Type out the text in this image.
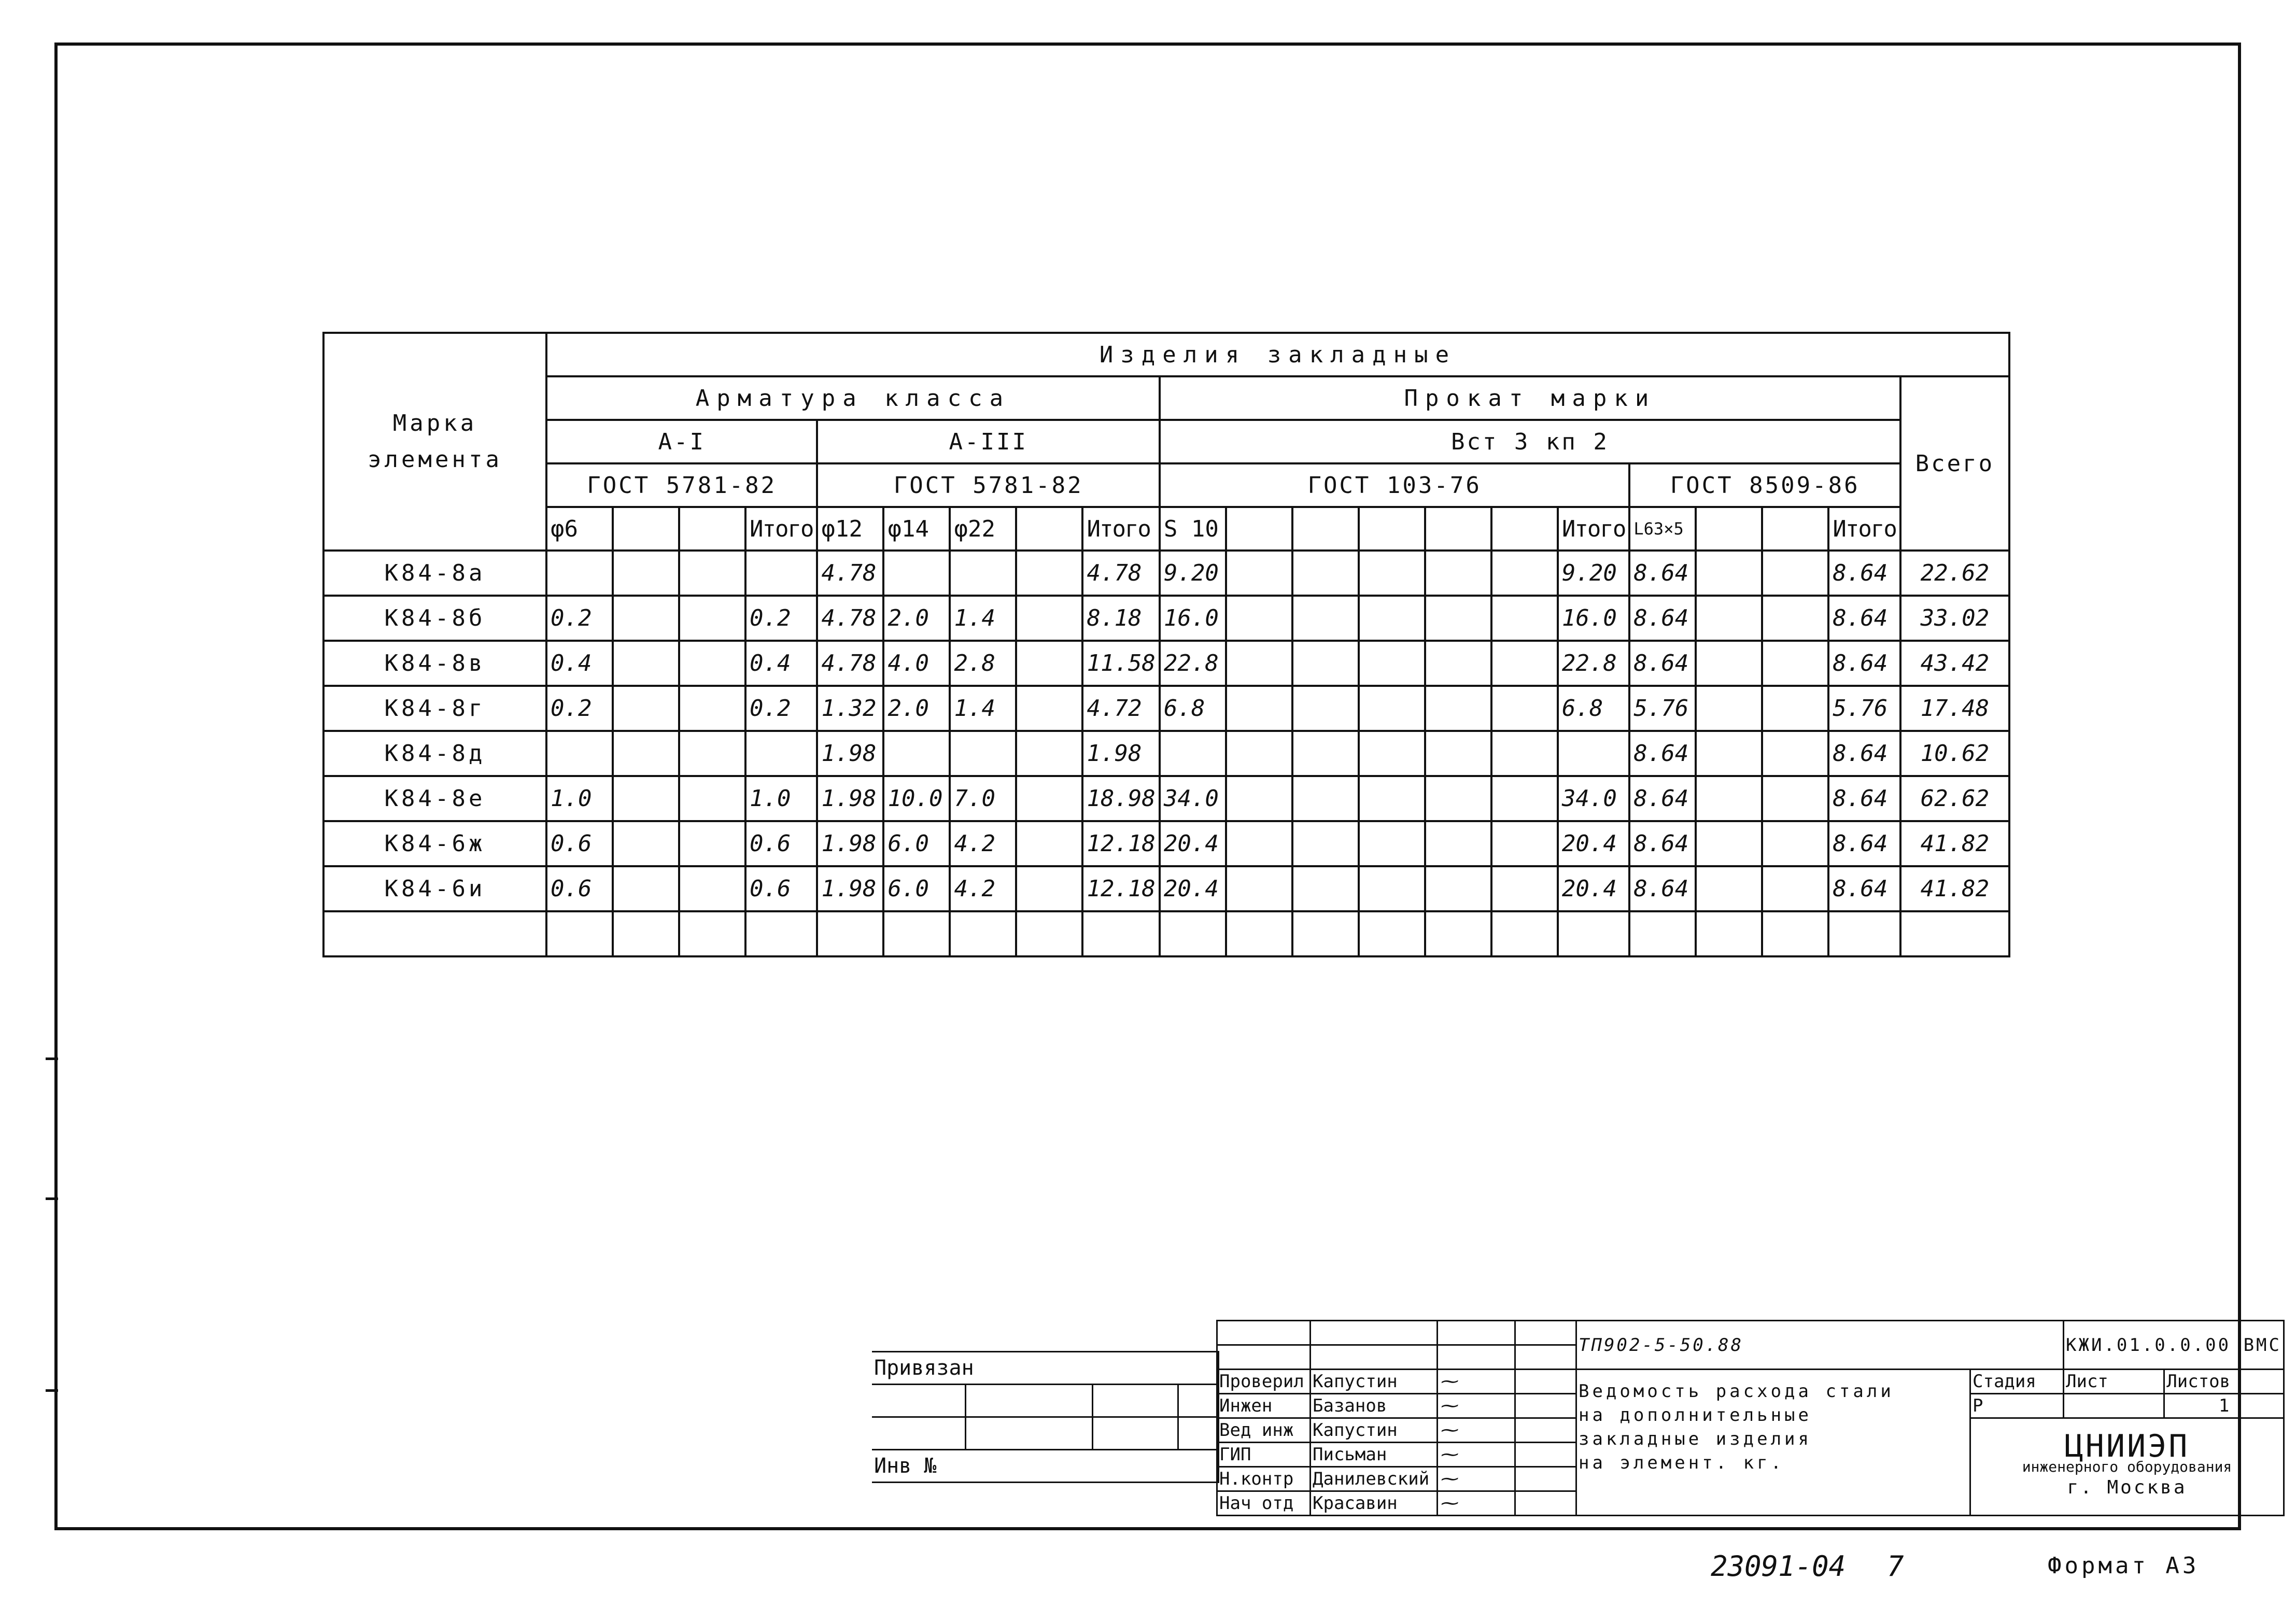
Марка элемента	Изделия закладные																				
	Арматура класса									Прокат марки											Всего
	А-I				А-III					Вст 3 кп 2											
	ГОСТ 5781-82				ГОСТ 5781-82					ГОСТ 103-76							ГОСТ 8509-86				
	φ6			Итого	φ12	φ14	φ22		Итого	S 10						Итого	L63×5			Итого	
К84-8а					4.78				4.78	9.20						9.20	8.64			8.64	22.62
К84-8б	0.2			0.2	4.78	2.0	1.4		8.18	16.0						16.0	8.64			8.64	33.02
К84-8в	0.4			0.4	4.78	4.0	2.8		11.58	22.8						22.8	8.64			8.64	43.42
К84-8г	0.2			0.2	1.32	2.0	1.4		4.72	6.8						6.8	5.76			5.76	17.48
К84-8д					1.98				1.98								8.64			8.64	10.62
К84-8е	1.0			1.0	1.98	10.0	7.0		18.98	34.0						34.0	8.64			8.64	62.62
К84-6ж	0.6			0.6	1.98	6.0	4.2		12.18	20.4						20.4	8.64			8.64	41.82
К84-6и	0.6			0.6	1.98	6.0	4.2		12.18	20.4						20.4	8.64			8.64	41.82

Привязан			

Инв №			
				ТП902-5-50.88		КЖИ.01.0.0.00 ВМС	

Проверил	Капустин	⁓		Ведомость расхода стали
на дополнительные
закладные изделия
на элемент. кг.	Стадия	Лист	Листов
Инжен	Базанов	⁓			Р		1
Вед инж	Капустин	⁓			ЦНИИЭП
инженерного оборудования
г. Москва		

ГИП	Письман	⁓					
Н.контр	Данилевский	⁓					
Нач отд	Красавин	⁓					
23091-04 7	Формат А3
